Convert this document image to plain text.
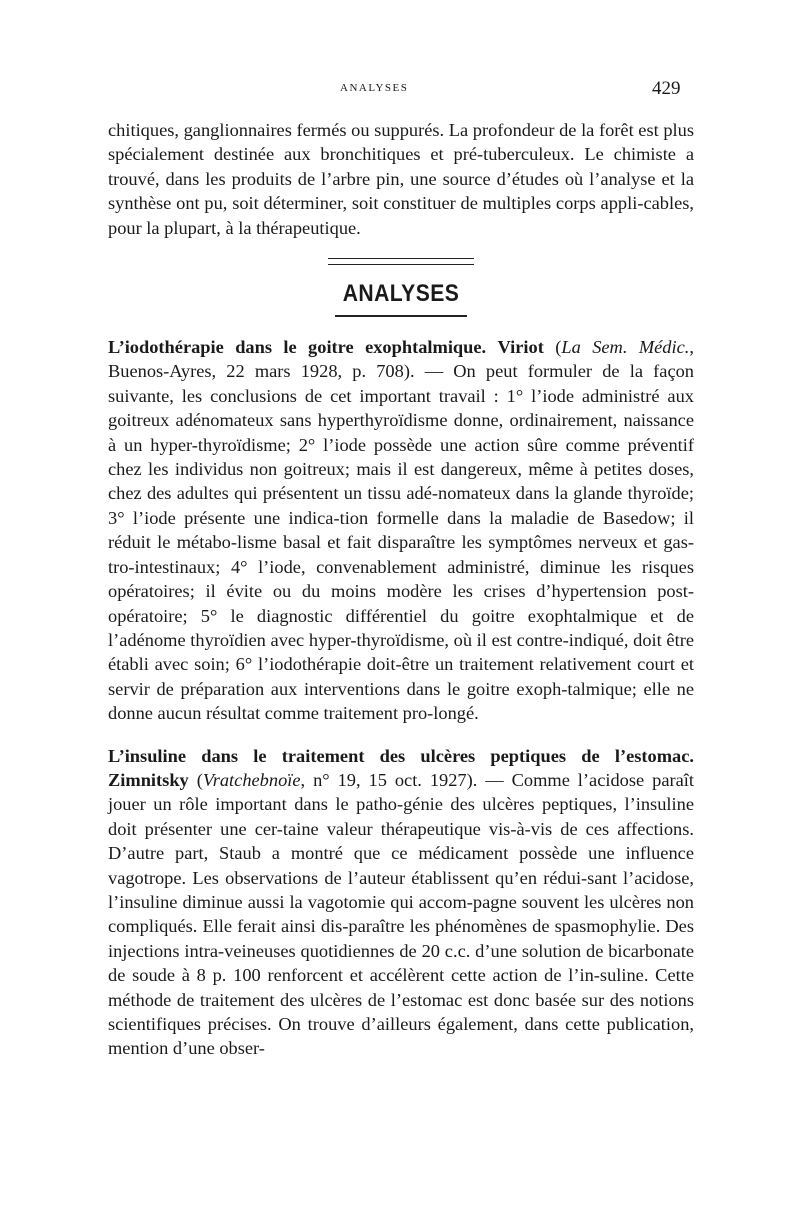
ANALYSES	429

chitiques, ganglionnaires fermés ou suppurés. La profondeur de la forêt est plus spécialement destinée aux bronchitiques et pré-tuberculeux. Le chimiste a trouvé, dans les produits de l’arbre pin, une source d’études où l’analyse et la synthèse ont pu, soit déterminer, soit constituer de multiples corps appli-cables, pour la plupart, à la thérapeutique.

ANALYSES

L’iodothérapie dans le goitre exophtalmique. Viriot (La Sem. Médic., Buenos-Ayres, 22 mars 1928, p. 708). — On peut formuler de la façon suivante, les conclusions de cet important travail : 1° l’iode administré aux goitreux adénomateux sans hyperthyroïdisme donne, ordinairement, naissance à un hyper-thyroïdisme; 2° l’iode possède une action sûre comme préventif chez les individus non goitreux; mais il est dangereux, même à petites doses, chez des adultes qui présentent un tissu adé-nomateux dans la glande thyroïde; 3° l’iode présente une indica-tion formelle dans la maladie de Basedow; il réduit le métabo-lisme basal et fait disparaître les symptômes nerveux et gas-tro-intestinaux; 4° l’iode, convenablement administré, diminue les risques opératoires; il évite ou du moins modère les crises d’hypertension post-opératoire; 5° le diagnostic différentiel du goitre exophtalmique et de l’adénome thyroïdien avec hyper-thyroïdisme, où il est contre-indiqué, doit être établi avec soin; 6° l’iodothérapie doit-être un traitement relativement court et servir de préparation aux interventions dans le goitre exoph-talmique; elle ne donne aucun résultat comme traitement pro-longé.

L’insuline dans le traitement des ulcères peptiques de l’estomac. Zimnitsky (Vratchebnoïe, n° 19, 15 oct. 1927). — Comme l’acidose paraît jouer un rôle important dans le patho-génie des ulcères peptiques, l’insuline doit présenter une cer-taine valeur thérapeutique vis-à-vis de ces affections. D’autre part, Staub a montré que ce médicament possède une influence vagotrope. Les observations de l’auteur établissent qu’en rédui-sant l’acidose, l’insuline diminue aussi la vagotomie qui accom-pagne souvent les ulcères non compliqués. Elle ferait ainsi dis-paraître les phénomènes de spasmophylie. Des injections intra-veineuses quotidiennes de 20 c.c. d’une solution de bicarbonate de soude à 8 p. 100 renforcent et accélèrent cette action de l’in-suline. Cette méthode de traitement des ulcères de l’estomac est donc basée sur des notions scientifiques précises. On trouve d’ailleurs également, dans cette publication, mention d’une obser-
